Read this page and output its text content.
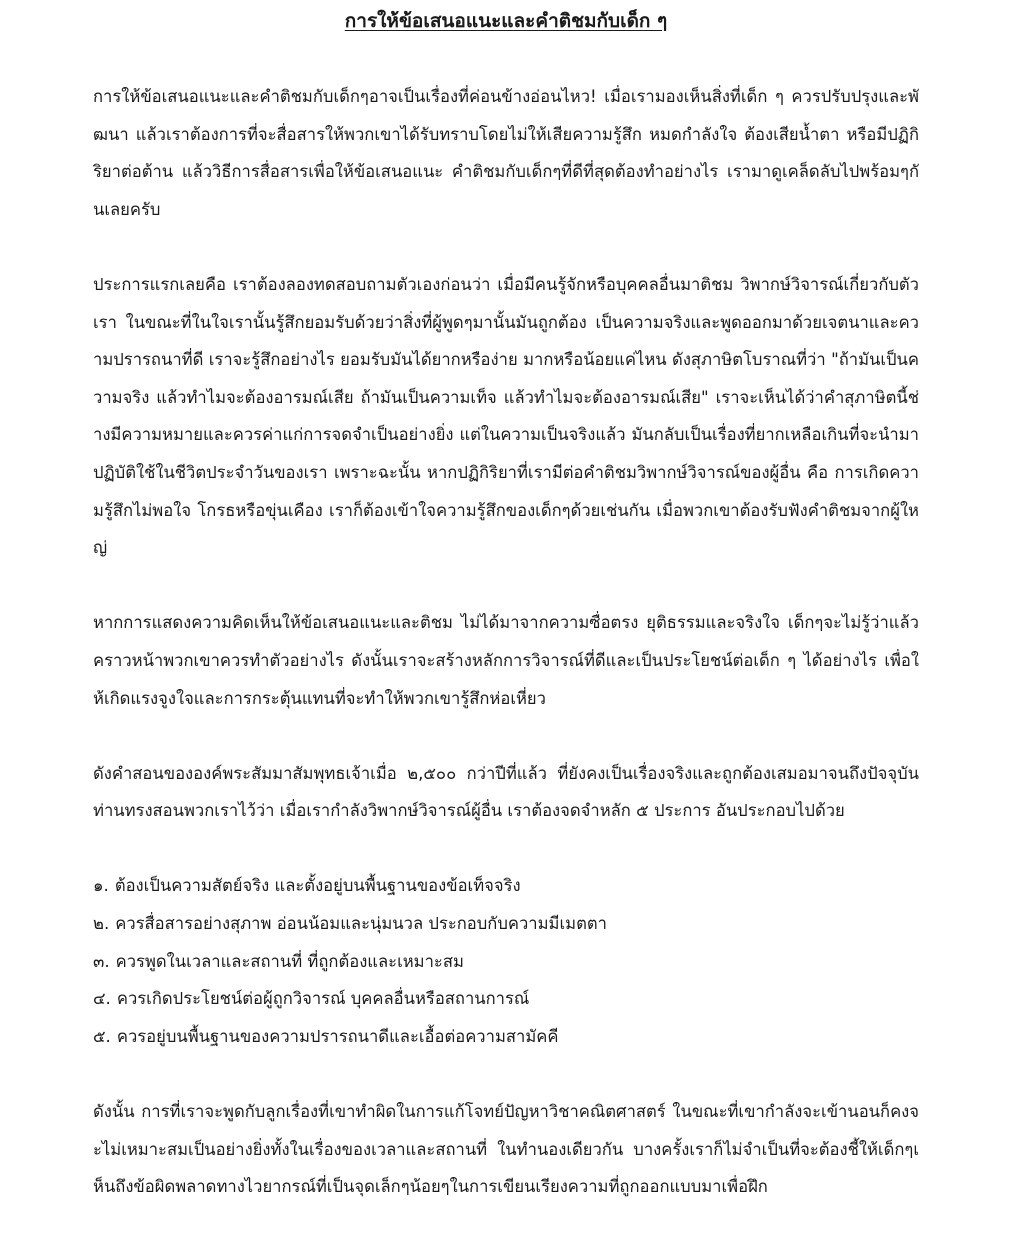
การให้ข้อเสนอแนะและคำติชมกับเด็ก ๆ

การให้ข้อเสนอแนะและคำติชมกับเด็กๆอาจเป็นเรื่องที่ค่อนข้างอ่อนไหว! เมื่อเรามองเห็นสิ่งที่เด็ก ๆ ควรปรับปรุงและพัฒนา แล้วเราต้องการที่จะสื่อสารให้พวกเขาได้รับทราบโดยไม่ให้เสียความรู้สึก หมดกำลังใจ ต้องเสียน้ำตา หรือมีปฏิกิริยาต่อต้าน แล้ววิธีการสื่อสารเพื่อให้ข้อเสนอแนะ คำติชมกับเด็กๆที่ดีที่สุดต้องทำอย่างไร เรามาดูเคล็ดลับไปพร้อมๆกันเลยครับ

ประการแรกเลยคือ เราต้องลองทดสอบถามตัวเองก่อนว่า เมื่อมีคนรู้จักหรือบุคคลอื่นมาติชม วิพากษ์วิจารณ์เกี่ยวกับตัวเรา ในขณะที่ในใจเรานั้นรู้สึกยอมรับด้วยว่าสิ่งที่ผู้พูดๆมานั้นมันถูกต้อง เป็นความจริงและพูดออกมาด้วยเจตนาและความปรารถนาที่ดี เราจะรู้สึกอย่างไร ยอมรับมันได้ยากหรือง่าย มากหรือน้อยแค่ไหน ดังสุภาษิตโบราณที่ว่า "ถ้ามันเป็นความจริง แล้วทำไมจะต้องอารมณ์เสีย ถ้ามันเป็นความเท็จ แล้วทำไมจะต้องอารมณ์เสีย" เราจะเห็นได้ว่าคำสุภาษิตนี้ช่างมีความหมายและควรค่าแก่การจดจำเป็นอย่างยิ่ง แต่ในความเป็นจริงแล้ว มันกลับเป็นเรื่องที่ยากเหลือเกินที่จะนำมาปฏิบัติใช้ในชีวิตประจำวันของเรา เพราะฉะนั้น หากปฏิกิริยาที่เรามีต่อคำติชมวิพากษ์วิจารณ์ของผู้อื่น คือ การเกิดความรู้สึกไม่พอใจ โกรธหรือขุ่นเคือง เราก็ต้องเข้าใจความรู้สึกของเด็กๆด้วยเช่นกัน เมื่อพวกเขาต้องรับฟังคำติชมจากผู้ใหญ่

หากการแสดงความคิดเห็นให้ข้อเสนอแนะและติชม ไม่ได้มาจากความซื่อตรง ยุติธรรมและจริงใจ เด็กๆจะไม่รู้ว่าแล้วคราวหน้าพวกเขาควรทำตัวอย่างไร ดังนั้นเราจะสร้างหลักการวิจารณ์ที่ดีและเป็นประโยชน์ต่อเด็ก ๆ ได้อย่างไร เพื่อให้เกิดแรงจูงใจและการกระตุ้นแทนที่จะทำให้พวกเขารู้สึกห่อเหี่ยว

ดังคำสอนขององค์พระสัมมาสัมพุทธเจ้าเมื่อ ๒,๕๐๐ กว่าปีที่แล้ว ที่ยังคงเป็นเรื่องจริงและถูกต้องเสมอมาจนถึงปัจจุบัน ท่านทรงสอนพวกเราไว้ว่า เมื่อเรากำลังวิพากษ์วิจารณ์ผู้อื่น เราต้องจดจำหลัก ๕ ประการ อันประกอบไปด้วย

๑. ต้องเป็นความสัตย์จริง และตั้งอยู่บนพื้นฐานของข้อเท็จจริง
๒. ควรสื่อสารอย่างสุภาพ อ่อนน้อมและนุ่มนวล ประกอบกับความมีเมตตา
๓. ควรพูดในเวลาและสถานที่ ที่ถูกต้องและเหมาะสม
๔. ควรเกิดประโยชน์ต่อผู้ถูกวิจารณ์ บุคคลอื่นหรือสถานการณ์
๕. ควรอยู่บนพื้นฐานของความปรารถนาดีและเอื้อต่อความสามัคคี

ดังนั้น การที่เราจะพูดกับลูกเรื่องที่เขาทำผิดในการแก้โจทย์ปัญหาวิชาคณิตศาสตร์ ในขณะที่เขากำลังจะเข้านอนก็คงจะไม่เหมาะสมเป็นอย่างยิ่งทั้งในเรื่องของเวลาและสถานที่ ในทำนองเดียวกัน บางครั้งเราก็ไม่จำเป็นที่จะต้องชี้ให้เด็กๆเห็นถึงข้อผิดพลาดทางไวยากรณ์ที่เป็นจุดเล็กๆน้อยๆในการเขียนเรียงความที่ถูกออกแบบมาเพื่อฝึก
